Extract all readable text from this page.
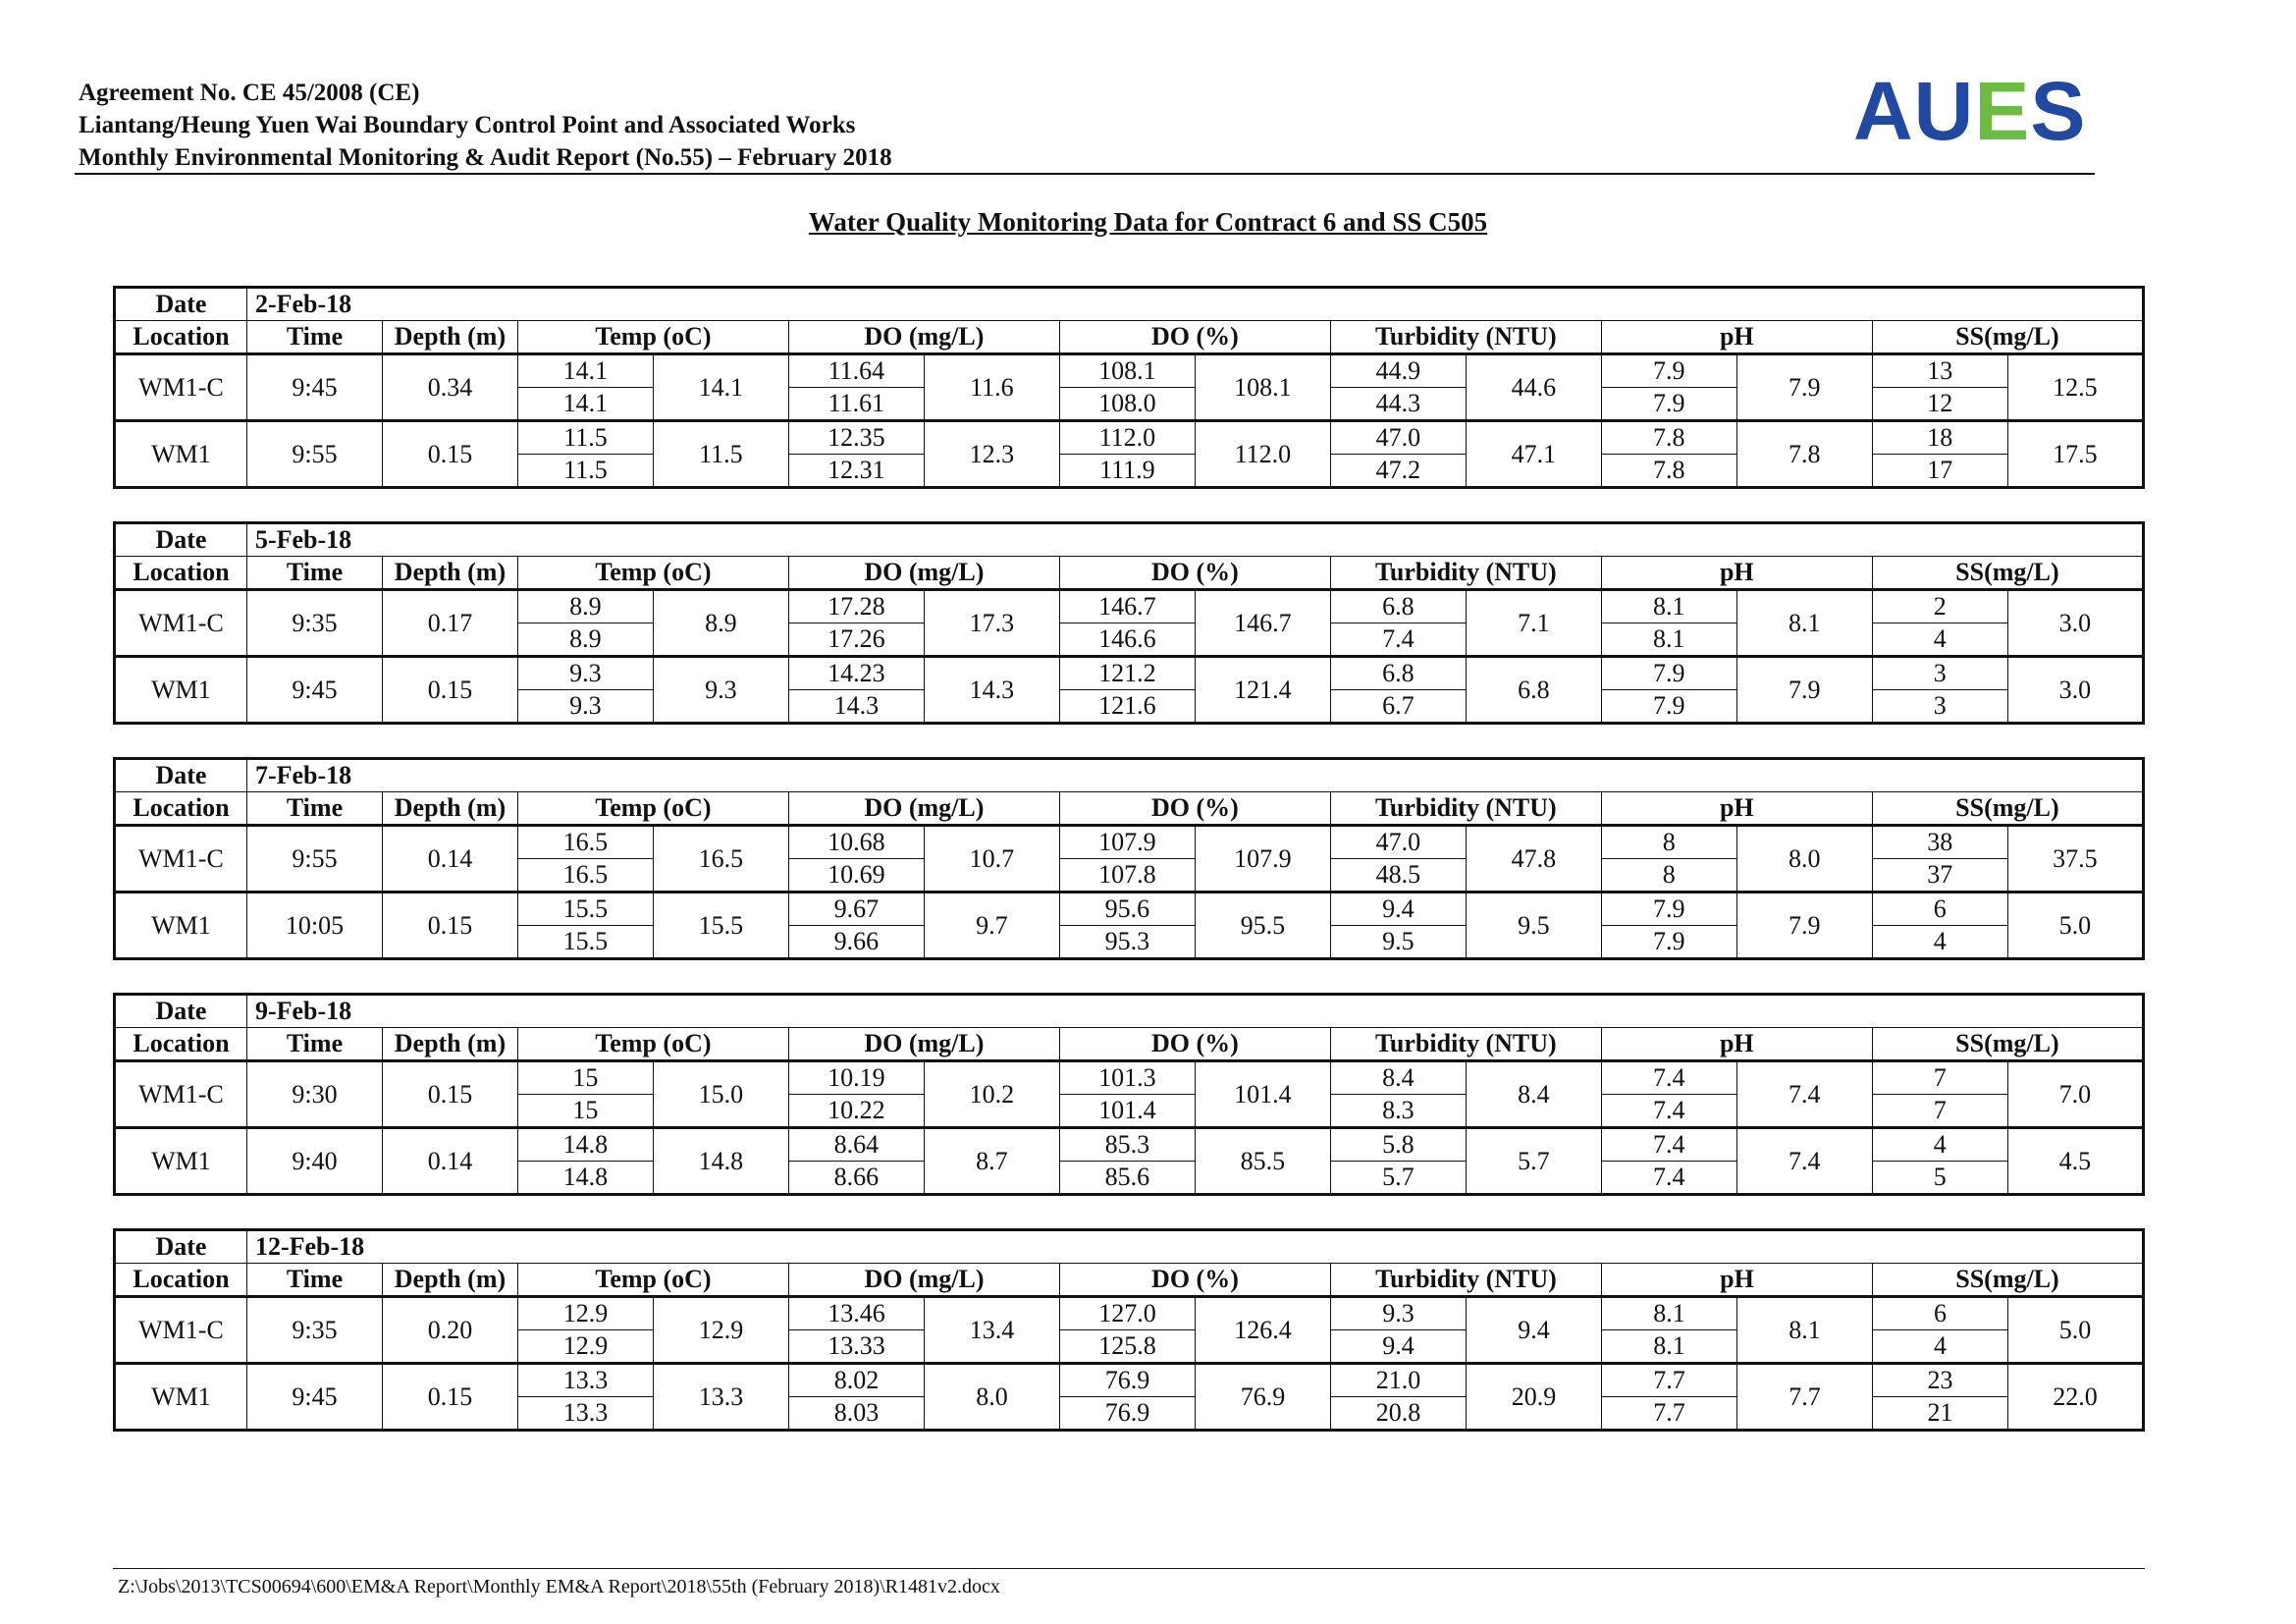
Agreement No. CE 45/2008 (CE)
Liantang/Heung Yuen Wai Boundary Control Point and Associated Works
Monthly Environmental Monitoring & Audit Report (No.55) – February 2018
AUES
Water Quality Monitoring Data for Contract 6 and SS C505
Date	2-Feb-18													
Location	Time	Depth (m)	Temp (oC)		DO (mg/L)		DO (%)		Turbidity (NTU)		pH		SS(mg/L)	
WM1-C	9:45	0.34	14.1	14.1	11.64	11.6	108.1	108.1	44.9	44.6	7.9	7.9	13	12.5
			14.1		11.61		108.0		44.3		7.9		12	
WM1	9:55	0.15	11.5	11.5	12.35	12.3	112.0	112.0	47.0	47.1	7.8	7.8	18	17.5
			11.5		12.31		111.9		47.2		7.8		17	
Date	5-Feb-18													
Location	Time	Depth (m)	Temp (oC)		DO (mg/L)		DO (%)		Turbidity (NTU)		pH		SS(mg/L)	
WM1-C	9:35	0.17	8.9	8.9	17.28	17.3	146.7	146.7	6.8	7.1	8.1	8.1	2	3.0
			8.9		17.26		146.6		7.4		8.1		4	
WM1	9:45	0.15	9.3	9.3	14.23	14.3	121.2	121.4	6.8	6.8	7.9	7.9	3	3.0
			9.3		14.3		121.6		6.7		7.9		3	
Date	7-Feb-18													
Location	Time	Depth (m)	Temp (oC)		DO (mg/L)		DO (%)		Turbidity (NTU)		pH		SS(mg/L)	
WM1-C	9:55	0.14	16.5	16.5	10.68	10.7	107.9	107.9	47.0	47.8	8	8.0	38	37.5
			16.5		10.69		107.8		48.5		8		37	
WM1	10:05	0.15	15.5	15.5	9.67	9.7	95.6	95.5	9.4	9.5	7.9	7.9	6	5.0
			15.5		9.66		95.3		9.5		7.9		4	
Date	9-Feb-18													
Location	Time	Depth (m)	Temp (oC)		DO (mg/L)		DO (%)		Turbidity (NTU)		pH		SS(mg/L)	
WM1-C	9:30	0.15	15	15.0	10.19	10.2	101.3	101.4	8.4	8.4	7.4	7.4	7	7.0
			15		10.22		101.4		8.3		7.4		7	
WM1	9:40	0.14	14.8	14.8	8.64	8.7	85.3	85.5	5.8	5.7	7.4	7.4	4	4.5
			14.8		8.66		85.6		5.7		7.4		5	
Date	12-Feb-18													
Location	Time	Depth (m)	Temp (oC)		DO (mg/L)		DO (%)		Turbidity (NTU)		pH		SS(mg/L)	
WM1-C	9:35	0.20	12.9	12.9	13.46	13.4	127.0	126.4	9.3	9.4	8.1	8.1	6	5.0
			12.9		13.33		125.8		9.4		8.1		4	
WM1	9:45	0.15	13.3	13.3	8.02	8.0	76.9	76.9	21.0	20.9	7.7	7.7	23	22.0
			13.3		8.03		76.9		20.8		7.7		21	
Z:\Jobs\2013\TCS00694\600\EM&A Report\Monthly EM&A Report\2018\55th (February 2018)\R1481v2.docx
